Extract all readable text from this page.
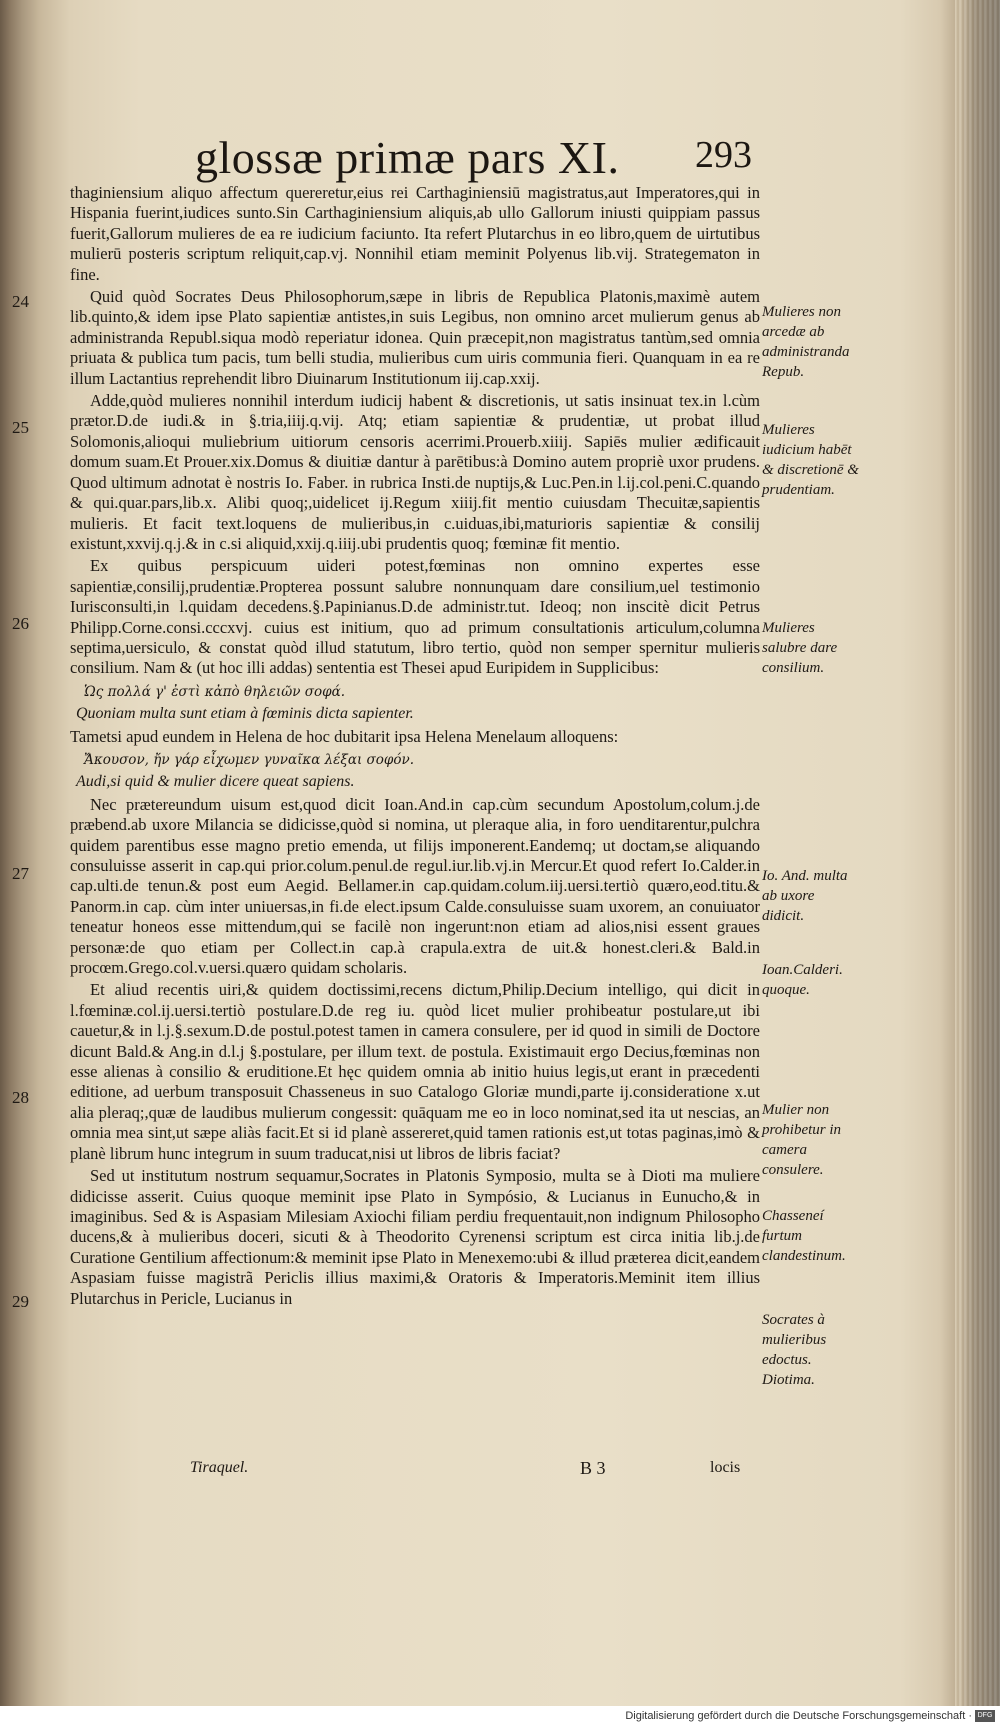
glossæ primæ pars XI.	293

thaginiensium aliquo affectum quereretur,eius rei Carthaginiensiū magistratus,aut Imperatores,qui in Hispania fuerint,iudices sunto.Sin Carthaginiensium aliquis,ab ullo Gallorum iniusti quippiam passus fuerit,Gallorum mulieres de ea re iudicium faciunto. Ita refert Plutarchus in eo libro,quem de uirtutibus mulierū posteris scriptum reliquit,cap.vj. Nonnihil etiam meminit Polyenus lib.vij. Strategematon in fine.

Quid quòd Socrates Deus Philosophorum,sæpe in libris de Republica Platonis,maximè autem lib.quinto,& idem ipse Plato sapientiæ antistes,in suis Legibus, non omnino arcet mulierum genus ab administranda Republ.siqua modò reperiatur idonea. Quin præcepit,non magistratus tantùm,sed omnia priuata & publica tum pacis, tum belli studia, mulieribus cum uiris communia fieri. Quanquam in ea re illum Lactantius reprehendit libro Diuinarum Institutionum iij.cap.xxij.

Adde,quòd mulieres nonnihil interdum iudicij habent & discretionis, ut satis insinuat tex.in l.cùm prætor.D.de iudi.& in §.tria,iiij.q.vij. Atq; etiam sapientiæ & prudentiæ, ut probat illud Solomonis,alioqui muliebrium uitiorum censoris acerrimi.Prouerb.xiiij. Sapiēs mulier ædificauit domum suam.Et Prouer.xix.Domus & diuitiæ dantur à parētibus:à Domino autem propriè uxor prudens. Quod ultimum adnotat è nostris Io. Faber. in rubrica Insti.de nuptijs,& Luc.Pen.in l.ij.col.peni.C.quando & qui.quar.pars,lib.x. Alibi quoq;,uidelicet ij.Regum xiiij.fit mentio cuiusdam Thecuitæ,sapientis mulieris. Et facit text.loquens de mulieribus,in c.uiduas,ibi,maturioris sapientiæ & consilij existunt,xxvij.q.j.& in c.si aliquid,xxij.q.iiij.ubi prudentis quoq; fœminæ fit mentio.

Ex quibus perspicuum uideri potest,fœminas non omnino expertes esse sapientiæ,consilij,prudentiæ.Propterea possunt salubre nonnunquam dare consilium,uel testimonio Iurisconsulti,in l.quidam decedens.§.Papinianus.D.de administr.tut. Ideoq; non inscitè dicit Petrus Philipp.Corne.consi.cccxvj. cuius est initium, quo ad primum consultationis articulum,columna septima,uersiculo, & constat quòd illud statutum, libro tertio, quòd non semper spernitur mulieris consilium. Nam & (ut hoc illi addas) sententia est Thesei apud Euripidem in Supplicibus:

Ὡς πολλά γ' ἐστὶ κἀπὸ θηλειῶν σοφά.

Quoniam multa sunt etiam à fœminis dicta sapienter.

Tametsi apud eundem in Helena de hoc dubitarit ipsa Helena Menelaum alloquens:

Ἄκουσον, ἤν γάρ εἶχωμεν γυναῖκα λέξαι σοφόν.

Audi,si quid & mulier dicere queat sapiens.

Nec prætereundum uisum est,quod dicit Ioan.And.in cap.cùm secundum Apostolum,colum.j.de præbend.ab uxore Milancia se didicisse,quòd si nomina, ut pleraque alia, in foro uenditarentur,pulchra quidem parentibus esse magno pretio emenda, ut filijs imponerent.Eandemq; ut doctam,se aliquando consuluisse asserit in cap.qui prior.colum.penul.de regul.iur.lib.vj.in Mercur.Et quod refert Io.Calder.in cap.ulti.de tenun.& post eum Aegid. Bellamer.in cap.quidam.colum.iij.uersi.tertiò quæro,eod.titu.& Panorm.in cap. cùm inter uniuersas,in fi.de elect.ipsum Calde.consuluisse suam uxorem, an conuiuator teneatur honeos esse mittendum,qui se facilè non ingerunt:non etiam ad alios,nisi essent graues personæ:de quo etiam per Collect.in cap.à crapula.extra de uit.& honest.cleri.& Bald.in procœm.Grego.col.v.uersi.quæro quidam scholaris.

Et aliud recentis uiri,& quidem doctissimi,recens dictum,Philip.Decium intelligo, qui dicit in l.fœminæ.col.ij.uersi.tertiò postulare.D.de reg iu. quòd licet mulier prohibeatur postulare,ut ibi cauetur,& in l.j.§.sexum.D.de postul.potest tamen in camera consulere, per id quod in simili de Doctore dicunt Bald.& Ang.in d.l.j §.postulare, per illum text. de postula. Existimauit ergo Decius,fœminas non esse alienas à consilio & eruditione.Et hęc quidem omnia ab initio huius legis,ut erant in præcedenti editione, ad uerbum transposuit Chasseneus in suo Catalogo Gloriæ mundi,parte ij.consideratione x.ut alia pleraq;,quæ de laudibus mulierum congessit: quāquam me eo in loco nominat,sed ita ut nescias, an omnia mea sint,ut sæpe aliàs facit.Et si id planè assereret,quid tamen rationis est,ut totas paginas,imò & planè librum hunc integrum in suum traducat,nisi ut libros de libris faciat?

Sed ut institutum nostrum sequamur,Socrates in Platonis Symposio, multa se à Dioti ma muliere didicisse asserit. Cuius quoque meminit ipse Plato in Sympósio, & Lucianus in Eunucho,& in imaginibus. Sed & is Aspasiam Milesiam Axiochi filiam perdiu frequentauit,non indignum Philosopho ducens,& à mulieribus doceri, sicuti & à Theodorito Cyrenensi scriptum est circa initia lib.j.de Curatione Gentilium affectionum:& meminit ipse Plato in Menexemo:ubi & illud præterea dicit,eandem Aspasiam fuisse magistrã Periclis illius maximi,& Oratoris & Imperatoris.Meminit item illius Plutarchus in Pericle, Lucianus in

24
25
26
27
28
29
Mulieres non arcedæ ab administranda Repub.
Mulieres iudicium habēt & discretionē & prudentiam.
Mulieres salubre dare consilium.
Io. And. multa ab uxore didicit.
Ioan.Calderi. quoque.
Mulier non prohibetur in camera consulere.
Chasseneí furtum clandestinum.
Socrates à mulieribus edoctus. Diotima.
Tiraquel.	B 3	locis
Digitalisierung gefördert durch die Deutsche Forschungsgemeinschaft · DFG
